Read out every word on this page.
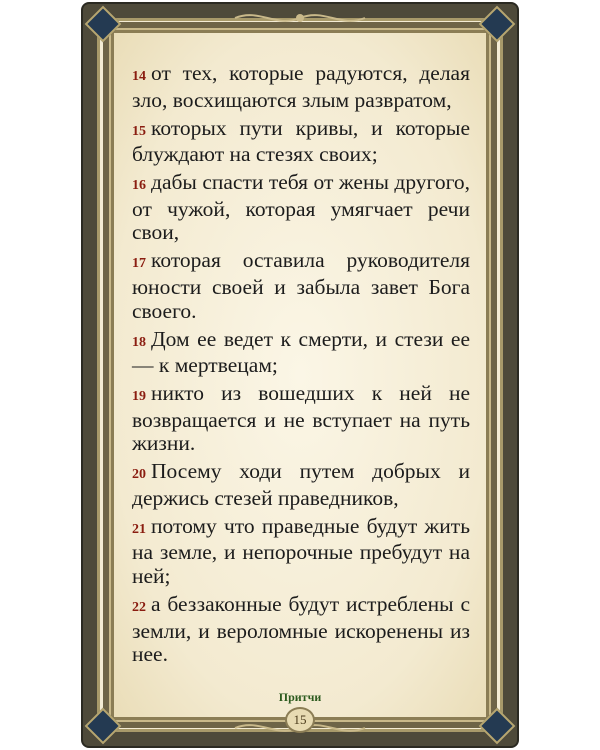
14 от тех, которые радуются, делая зло, восхищаются злым развратом,

15 которых пути кривы, и которые блуждают на стезях своих;

16 дабы спасти тебя от жены другого, от чужой, которая умягчает речи свои,

17 которая оставила руководителя юности своей и забыла завет Бога своего.

18 Дом ее ведет к смерти, и стези ее — к мертвецам;

19 никто из вошедших к ней не возвращается и не вступает на путь жизни.

20 Посему ходи путем добрых и держись стезей праведников,

21 потому что праведные будут жить на земле, и непорочные пребудут на ней;

22 а беззаконные будут истреблены с земли, и вероломные искоренены из нее.

Притчи
15
